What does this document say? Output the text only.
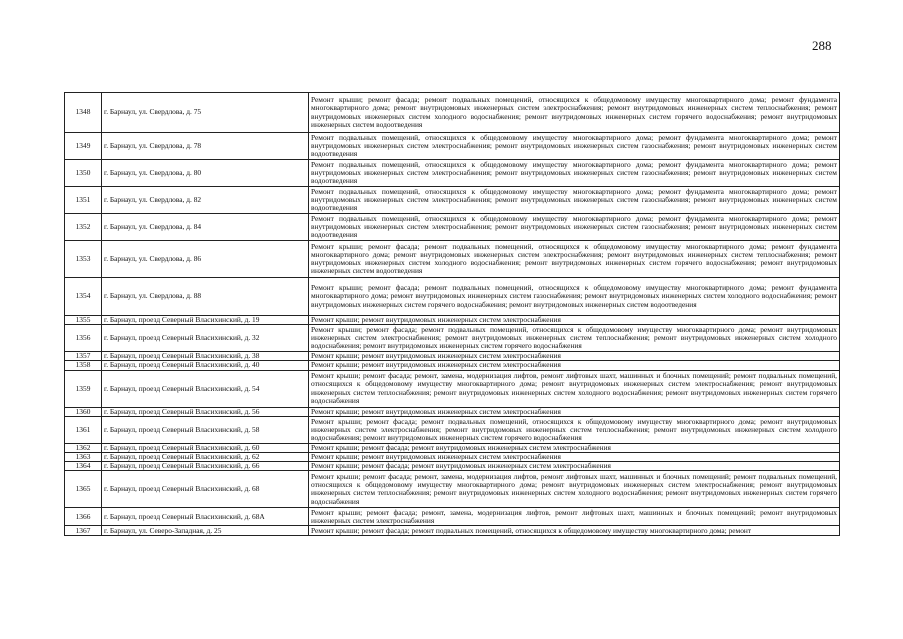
288
1348	г. Барнаул, ул. Свердлова, д. 75	Ремонт крыши; ремонт фасада; ремонт подвальных помещений, относящихся к общедомовому имуществу многоквартирного дома; ремонт фундамента многоквартирного дома; ремонт внутридомовых инженерных систем электроснабжения; ремонт внутридомовых инженерных систем теплоснабжения; ремонт внутридомовых инженерных систем холодного водоснабжения; ремонт внутридомовых инженерных систем горячего водоснабжения; ремонт внутридомовых инженерных систем водоотведения
1349	г. Барнаул, ул. Свердлова, д. 78	Ремонт подвальных помещений, относящихся к общедомовому имуществу многоквартирного дома; ремонт фундамента многоквартирного дома; ремонт внутридомовых инженерных систем электроснабжения; ремонт внутридомовых инженерных систем газоснабжения; ремонт внутридомовых инженерных систем водоотведения
1350	г. Барнаул, ул. Свердлова, д. 80	Ремонт подвальных помещений, относящихся к общедомовому имуществу многоквартирного дома; ремонт фундамента многоквартирного дома; ремонт внутридомовых инженерных систем электроснабжения; ремонт внутридомовых инженерных систем газоснабжения; ремонт внутридомовых инженерных систем водоотведения
1351	г. Барнаул, ул. Свердлова, д. 82	Ремонт подвальных помещений, относящихся к общедомовому имуществу многоквартирного дома; ремонт фундамента многоквартирного дома; ремонт внутридомовых инженерных систем электроснабжения; ремонт внутридомовых инженерных систем газоснабжения; ремонт внутридомовых инженерных систем водоотведения
1352	г. Барнаул, ул. Свердлова, д. 84	Ремонт подвальных помещений, относящихся к общедомовому имуществу многоквартирного дома; ремонт фундамента многоквартирного дома; ремонт внутридомовых инженерных систем электроснабжения; ремонт внутридомовых инженерных систем газоснабжения; ремонт внутридомовых инженерных систем водоотведения
1353	г. Барнаул, ул. Свердлова, д. 86	Ремонт крыши; ремонт фасада; ремонт подвальных помещений, относящихся к общедомовому имуществу многоквартирного дома; ремонт фундамента многоквартирного дома; ремонт внутридомовых инженерных систем электроснабжения; ремонт внутридомовых инженерных систем теплоснабжения; ремонт внутридомовых инженерных систем холодного водоснабжения; ремонт внутридомовых инженерных систем горячего водоснабжения; ремонт внутридомовых инженерных систем водоотведения
1354	г. Барнаул, ул. Свердлова, д. 88	Ремонт крыши; ремонт фасада; ремонт подвальных помещений, относящихся к общедомовому имуществу многоквартирного дома; ремонт фундамента многоквартирного дома; ремонт внутридомовых инженерных систем газоснабжения; ремонт внутридомовых инженерных систем холодного водоснабжения; ремонт внутридомовых инженерных систем горячего водоснабжения; ремонт внутридомовых инженерных систем водоотведения
1355	г. Барнаул, проезд Северный Власихинский, д. 19	Ремонт крыши; ремонт внутридомовых инженерных систем электроснабжения
1356	г. Барнаул, проезд Северный Власихинский, д. 32	Ремонт крыши; ремонт фасада; ремонт подвальных помещений, относящихся к общедомовому имуществу многоквартирного дома; ремонт внутридомовых инженерных систем электроснабжения; ремонт внутридомовых инженерных систем теплоснабжения; ремонт внутридомовых инженерных систем холодного водоснабжения; ремонт внутридомовых инженерных систем горячего водоснабжения
1357	г. Барнаул, проезд Северный Власихинский, д. 38	Ремонт крыши; ремонт внутридомовых инженерных систем электроснабжения
1358	г. Барнаул, проезд Северный Власихинский, д. 40	Ремонт крыши; ремонт внутридомовых инженерных систем электроснабжения
1359	г. Барнаул, проезд Северный Власихинский, д. 54	Ремонт крыши; ремонт фасада; ремонт, замена, модернизация лифтов, ремонт лифтовых шахт, машинных и блочных помещений; ремонт подвальных помещений, относящихся к общедомовому имуществу многоквартирного дома; ремонт внутридомовых инженерных систем электроснабжения; ремонт внутридомовых инженерных систем теплоснабжения; ремонт внутридомовых инженерных систем холодного водоснабжения; ремонт внутридомовых инженерных систем горячего водоснабжения
1360	г. Барнаул, проезд Северный Власихинский, д. 56	Ремонт крыши; ремонт внутридомовых инженерных систем электроснабжения
1361	г. Барнаул, проезд Северный Власихинский, д. 58	Ремонт крыши; ремонт фасада; ремонт подвальных помещений, относящихся к общедомовому имуществу многоквартирного дома; ремонт внутридомовых инженерных систем электроснабжения; ремонт внутридомовых инженерных систем теплоснабжения; ремонт внутридомовых инженерных систем холодного водоснабжения; ремонт внутридомовых инженерных систем горячего водоснабжения
1362	г. Барнаул, проезд Северный Власихинский, д. 60	Ремонт крыши; ремонт фасада; ремонт внутридомовых инженерных систем электроснабжения
1363	г. Барнаул, проезд Северный Власихинский, д. 62	Ремонт крыши; ремонт внутридомовых инженерных систем электроснабжения
1364	г. Барнаул, проезд Северный Власихинский, д. 66	Ремонт крыши; ремонт фасада; ремонт внутридомовых инженерных систем электроснабжения
1365	г. Барнаул, проезд Северный Власихинский, д. 68	Ремонт крыши; ремонт фасада; ремонт, замена, модернизация лифтов, ремонт лифтовых шахт, машинных и блочных помещений; ремонт подвальных помещений, относящихся к общедомовому имуществу многоквартирного дома; ремонт внутридомовых инженерных систем электроснабжения; ремонт внутридомовых инженерных систем теплоснабжения; ремонт внутридомовых инженерных систем холодного водоснабжения; ремонт внутридомовых инженерных систем горячего водоснабжения
1366	г. Барнаул, проезд Северный Власихинский, д. 68А	Ремонт крыши; ремонт фасада; ремонт, замена, модернизация лифтов, ремонт лифтовых шахт, машинных и блочных помещений; ремонт внутридомовых инженерных систем электроснабжения
1367	г. Барнаул, ул. Северо-Западная, д. 25	Ремонт крыши; ремонт фасада; ремонт подвальных помещений, относящихся к общедомовому имуществу многоквартирного дома; ремонт
